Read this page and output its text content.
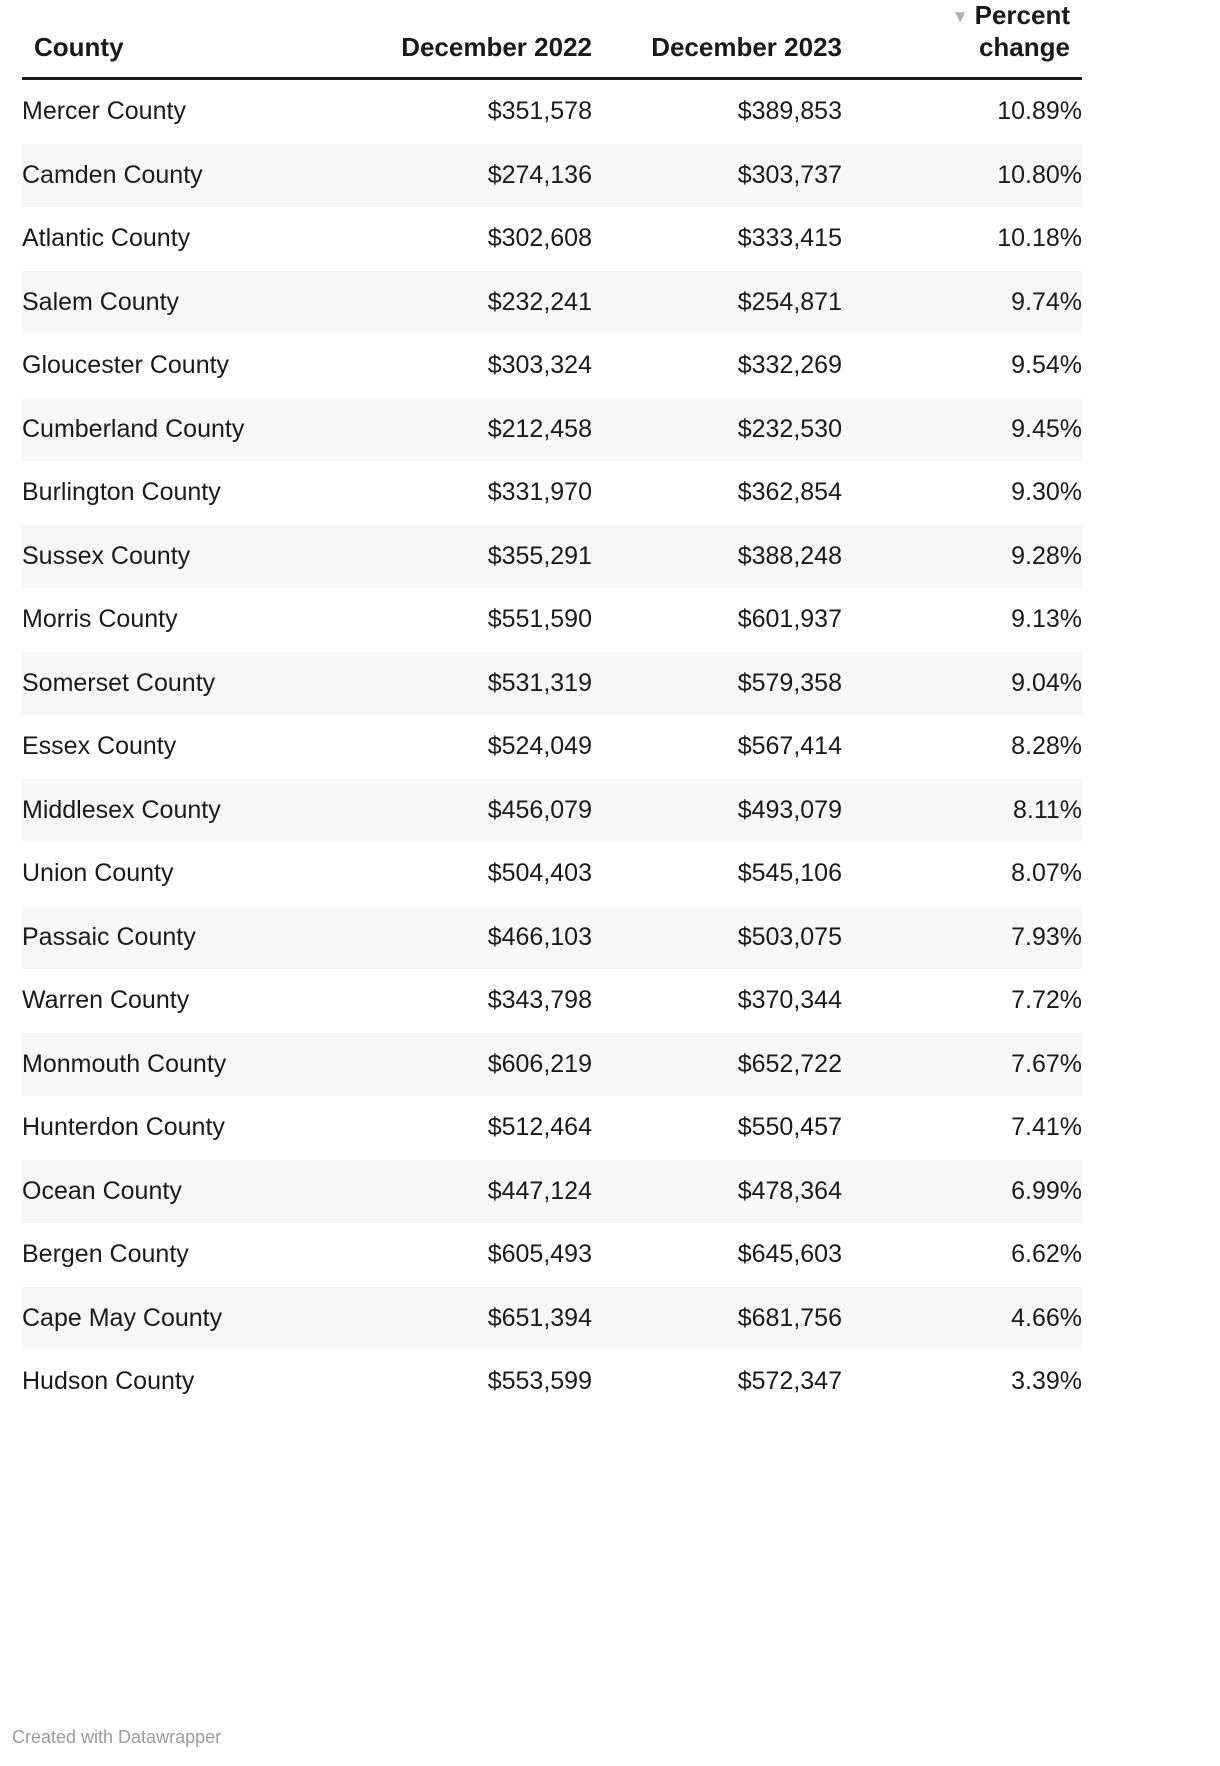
County	December 2022	December 2023	▼ Percent
change

Mercer County	$351,578	$389,853	10.89%
Camden County	$274,136	$303,737	10.80%
Atlantic County	$302,608	$333,415	10.18%
Salem County	$232,241	$254,871	9.74%
Gloucester County	$303,324	$332,269	9.54%
Cumberland County	$212,458	$232,530	9.45%
Burlington County	$331,970	$362,854	9.30%
Sussex County	$355,291	$388,248	9.28%
Morris County	$551,590	$601,937	9.13%
Somerset County	$531,319	$579,358	9.04%
Essex County	$524,049	$567,414	8.28%
Middlesex County	$456,079	$493,079	8.11%
Union County	$504,403	$545,106	8.07%
Passaic County	$466,103	$503,075	7.93%
Warren County	$343,798	$370,344	7.72%
Monmouth County	$606,219	$652,722	7.67%
Hunterdon County	$512,464	$550,457	7.41%
Ocean County	$447,124	$478,364	6.99%
Bergen County	$605,493	$645,603	6.62%
Cape May County	$651,394	$681,756	4.66%
Hudson County	$553,599	$572,347	3.39%
Created with Datawrapper
